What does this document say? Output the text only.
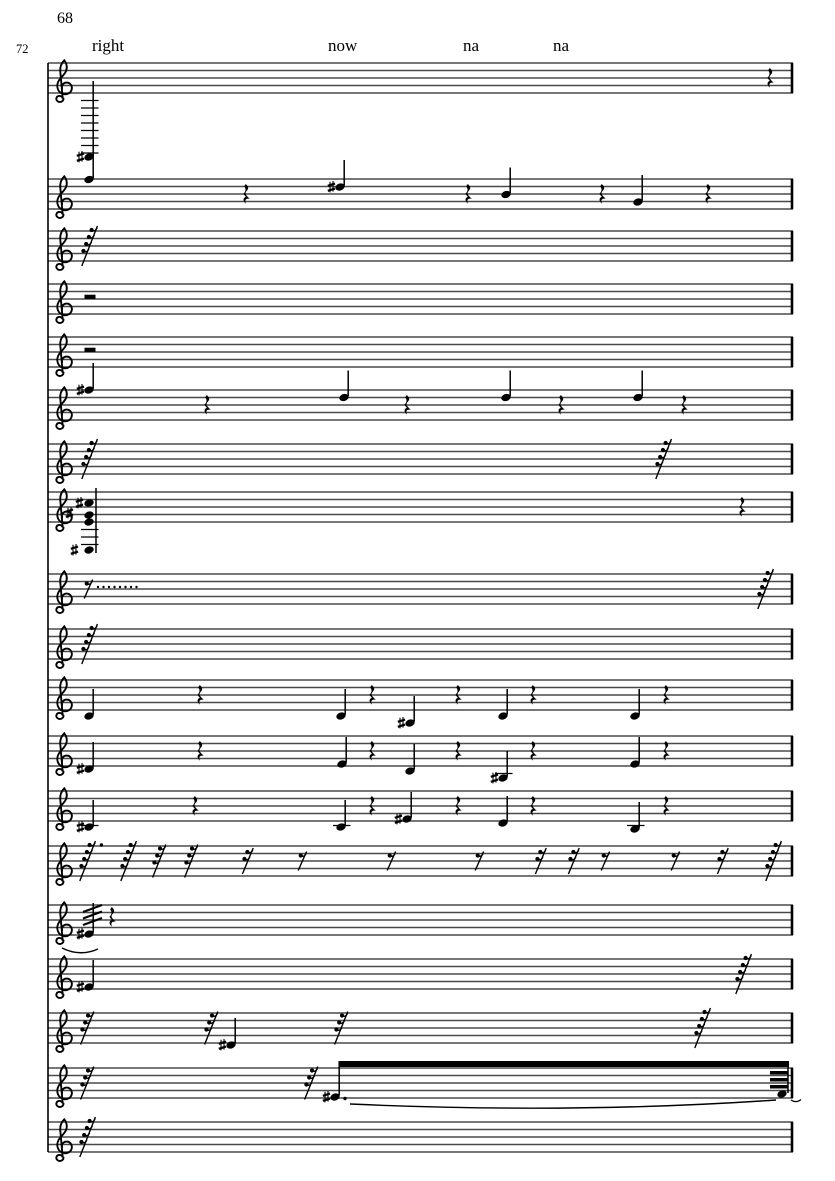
68
72	right	now	na	na
